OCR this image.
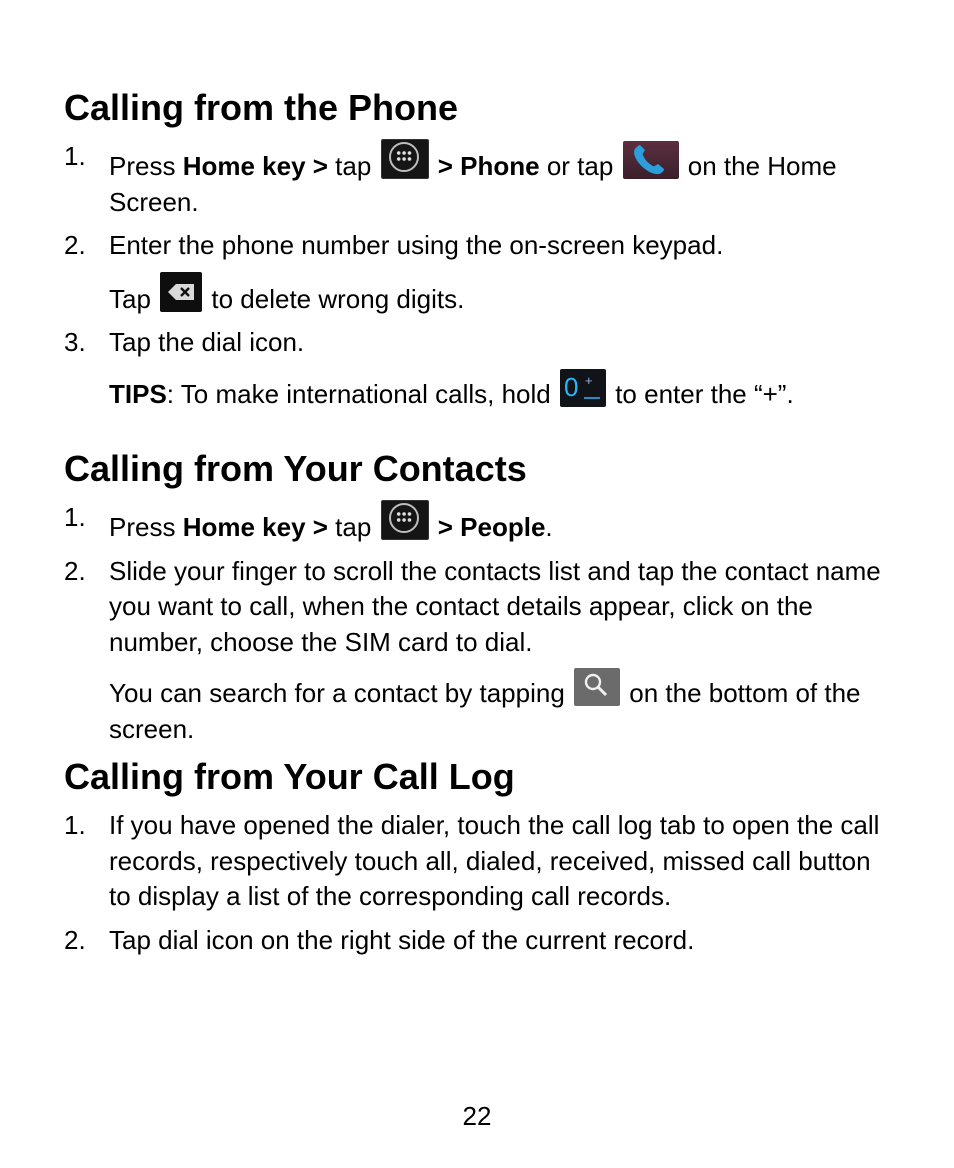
Calling from the Phone
1. Press Home key > tap
> Phone or tap  on the Home Screen.
2. Enter the phone number using the on-screen keypad.
Tap  to delete wrong digits.
3. Tap the dial icon.
TIPS: To make international calls, hold 0 + to enter the “+”.
Calling from Your Contacts
1. Press Home key > tap
> People.
2. Slide your finger to scroll the contacts list and tap the contact name you want to call, when the contact details appear, click on the number, choose the SIM card to dial.
You can search for a contact by tapping  on the bottom of the screen.
Calling from Your Call Log
1. If you have opened the dialer, touch the call log tab to open the call records, respectively touch all, dialed, received, missed call button to display a list of the corresponding call records.
2. Tap dial icon on the right side of the current record.
22
